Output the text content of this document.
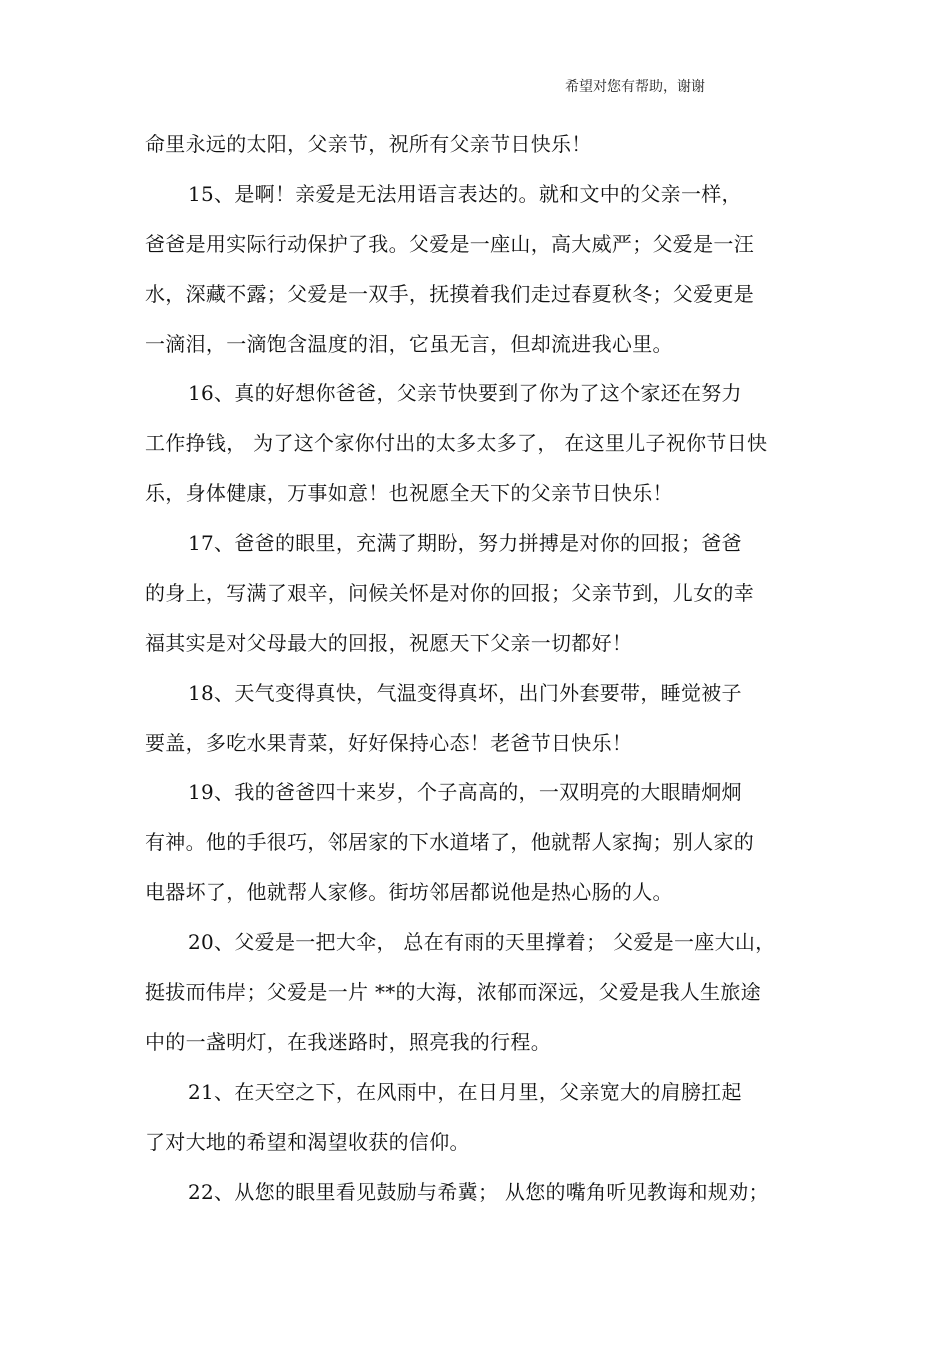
希望对您有帮助，谢谢
命里永远的太阳，父亲节，祝所有父亲节日快乐！
15、是啊！亲爱是无法用语言表达的。就和文中的父亲一样，
爸爸是用实际行动保护了我。父爱是一座山，高大威严；父爱是一汪
水，深藏不露；父爱是一双手，抚摸着我们走过春夏秋冬；父爱更是
一滴泪，一滴饱含温度的泪，它虽无言，但却流进我心里。
16、真的好想你爸爸，父亲节快要到了你为了这个家还在努力
工作挣钱， 为了这个家你付出的太多太多了， 在这里儿子祝你节日快
乐，身体健康，万事如意！也祝愿全天下的父亲节日快乐！
17、爸爸的眼里，充满了期盼，努力拼搏是对你的回报；爸爸
的身上，写满了艰辛，问候关怀是对你的回报；父亲节到，儿女的幸
福其实是对父母最大的回报，祝愿天下父亲一切都好！
18、天气变得真快，气温变得真坏，出门外套要带，睡觉被子
要盖，多吃水果青菜，好好保持心态！老爸节日快乐！
19、我的爸爸四十来岁，个子高高的，一双明亮的大眼睛炯炯
有神。他的手很巧，邻居家的下水道堵了，他就帮人家掏；别人家的
电器坏了，他就帮人家修。街坊邻居都说他是热心肠的人。
20、父爱是一把大伞， 总在有雨的天里撑着； 父爱是一座大山，
挺拔而伟岸；父爱是一片 **的大海，浓郁而深远，父爱是我人生旅途
中的一盏明灯，在我迷路时，照亮我的行程。
21、在天空之下，在风雨中，在日月里，父亲宽大的肩膀扛起
了对大地的希望和渴望收获的信仰。
22、从您的眼里看见鼓励与希冀； 从您的嘴角听见教诲和规劝；
